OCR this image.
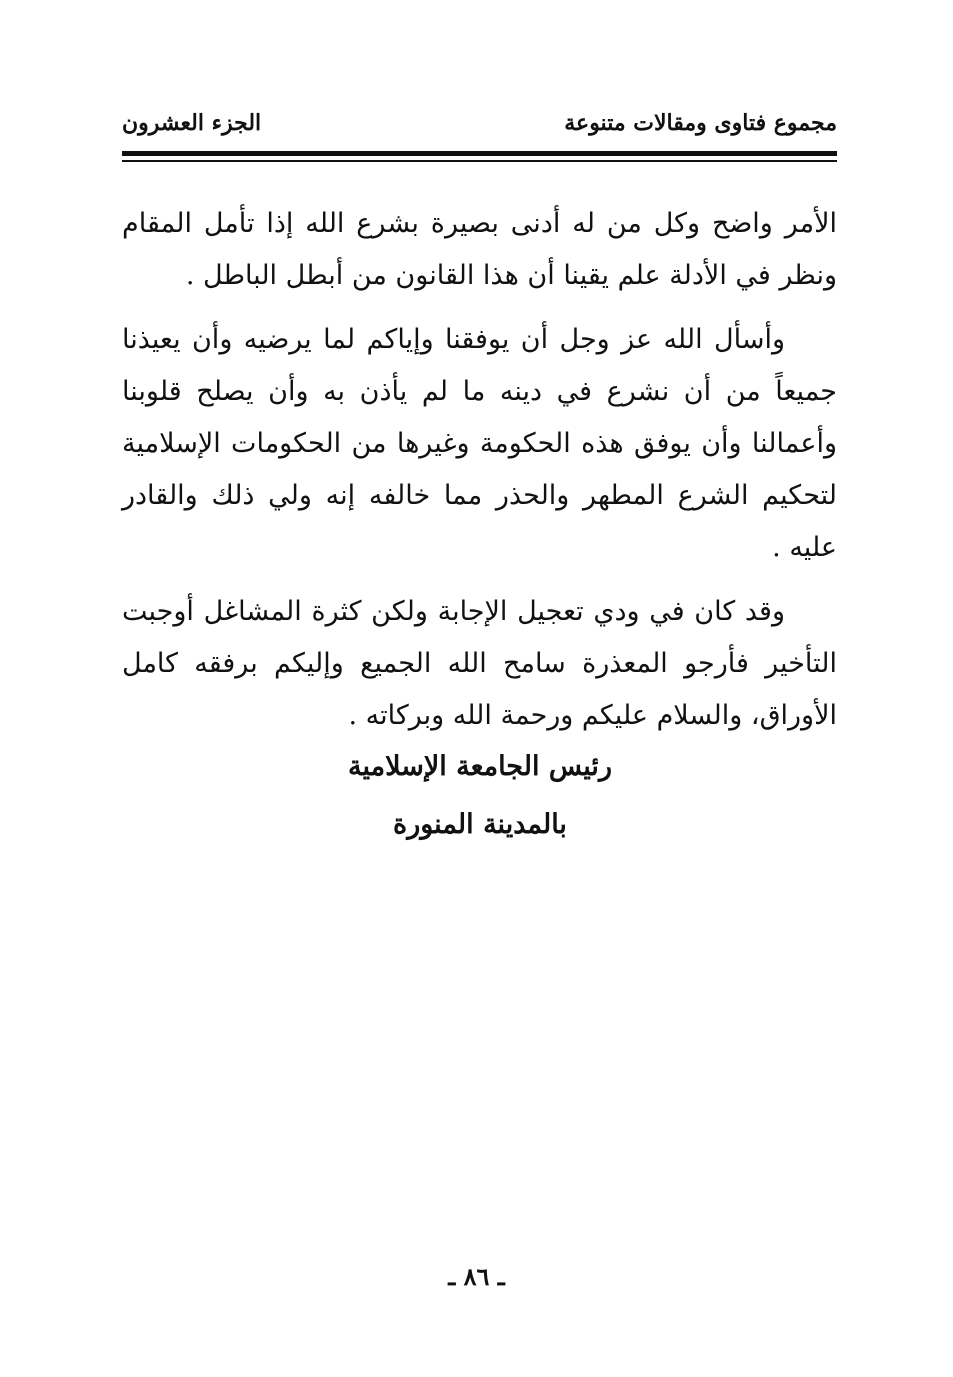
مجموع فتاوى ومقالات متنوعة
الجزء العشرون

الأمر واضح وكل من له أدنى بصيرة بشرع الله إذا تأمل المقام ونظر في الأدلة علم يقينا أن هذا القانون من أبطل الباطل .

وأسأل الله عز وجل أن يوفقنا وإياكم لما يرضيه وأن يعيذنا جميعاً من أن نشرع في دينه ما لم يأذن به وأن يصلح قلوبنا وأعمالنا وأن يوفق هذه الحكومة وغيرها من الحكومات الإسلامية لتحكيم الشرع المطهر والحذر مما خالفه إنه ولي ذلك والقادر عليه .

وقد كان في ودي تعجيل الإجابة ولكن كثرة المشاغل أوجبت التأخير فأرجو المعذرة سامح الله الجميع وإليكم برفقه كامل الأوراق، والسلام عليكم ورحمة الله وبركاته .

رئيس الجامعة الإسلامية
بالمدينة المنورة
ـ ٨٦ ـ
